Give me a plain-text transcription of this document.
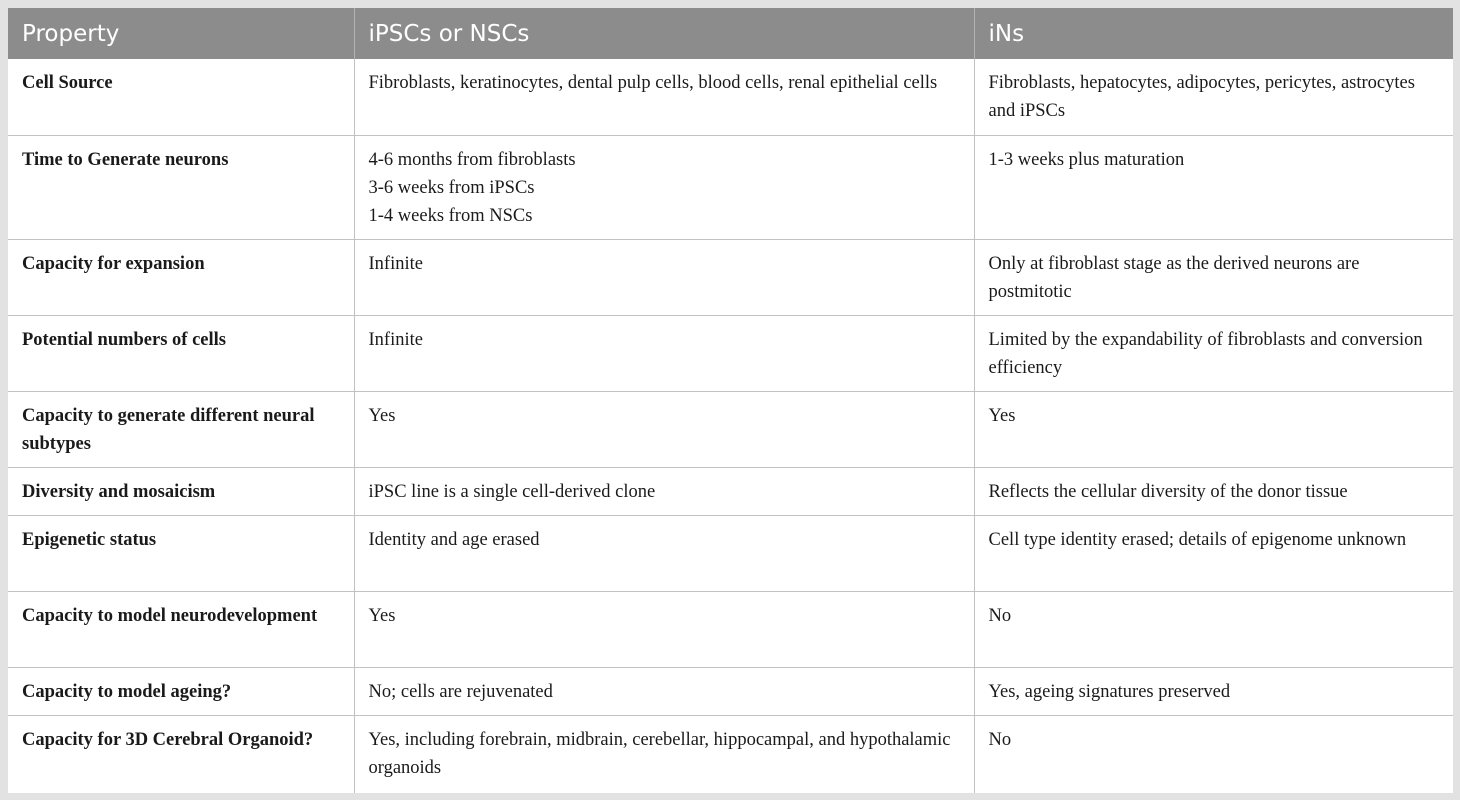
Property	iPSCs or NSCs	iNs
Cell Source	Fibroblasts, keratinocytes, dental pulp cells, blood cells, renal epithelial cells	Fibroblasts, hepatocytes, adipocytes, pericytes, astrocytes and iPSCs

Time to Generate neurons	4-6 months from fibroblasts
3-6 weeks from iPSCs
1-4 weeks from NSCs	1-3 weeks plus maturation

Capacity for expansion	Infinite	Only at fibroblast stage as the derived neurons are postmitotic

Potential numbers of cells	Infinite	Limited by the expandability of fibroblasts and conversion efficiency

Capacity to generate different neural subtypes	Yes	Yes

Diversity and mosaicism	iPSC line is a single cell-derived clone	Reflects the cellular diversity of the donor tissue

Epigenetic status	Identity and age erased	Cell type identity erased; details of epigenome unknown

Capacity to model neurodevelopment	Yes	No

Capacity to model ageing?	No; cells are rejuvenated	Yes, ageing signatures preserved

Capacity for 3D Cerebral Organoid?	Yes, including forebrain, midbrain, cerebellar, hippocampal, and hypothalamic organoids	No
